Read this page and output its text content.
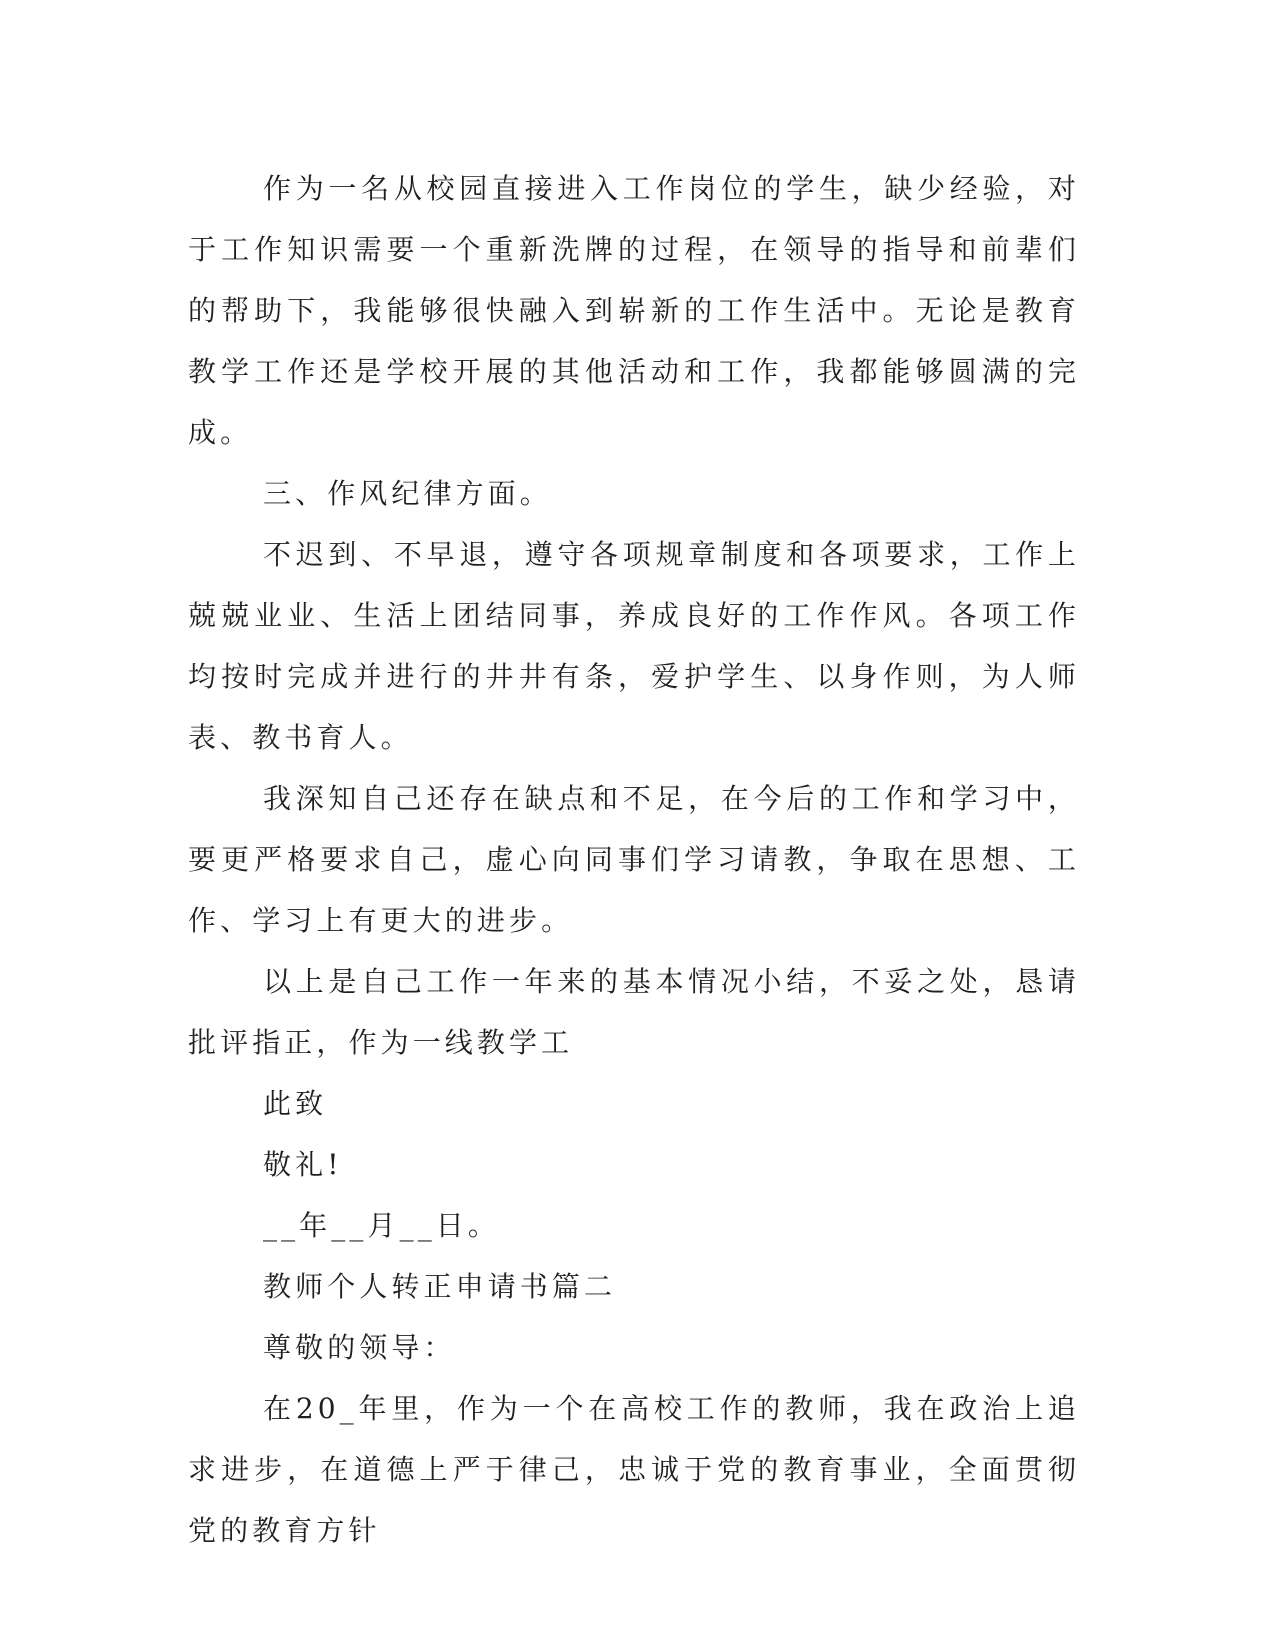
作为一名从校园直接进入工作岗位的学生，缺少经验，对于工作知识需要一个重新洗牌的过程，在领导的指导和前辈们的帮助下，我能够很快融入到崭新的工作生活中。无论是教育教学工作还是学校开展的其他活动和工作，我都能够圆满的完成。

三、作风纪律方面。

不迟到、不早退，遵守各项规章制度和各项要求，工作上兢兢业业、生活上团结同事，养成良好的工作作风。各项工作均按时完成并进行的井井有条，爱护学生、以身作则，为人师表、教书育人。

我深知自己还存在缺点和不足，在今后的工作和学习中，要更严格要求自己，虚心向同事们学习请教，争取在思想、工作、学习上有更大的进步。

以上是自己工作一年来的基本情况小结，不妥之处，恳请批评指正，作为一线教学工

此致

敬礼!

__年__月__日。

教师个人转正申请书篇二

尊敬的领导：

在20_年里，作为一个在高校工作的教师，我在政治上追求进步，在道德上严于律己，忠诚于党的教育事业，全面贯彻党的教育方针
